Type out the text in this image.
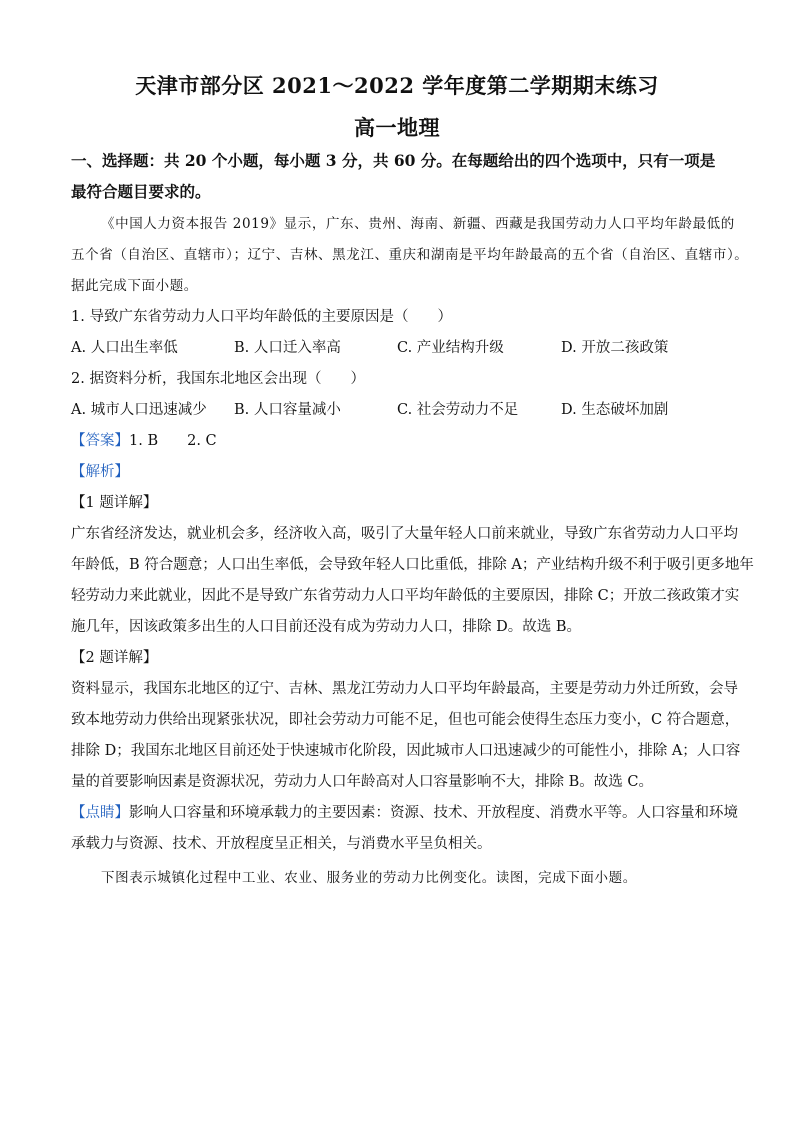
天津市部分区 2021～2022 学年度第二学期期末练习
高一地理
一、选择题：共 20 个小题，每小题 3 分，共 60 分。在每题给出的四个选项中，只有一项是
最符合题目要求的。
《中国人力资本报告 2019》显示，广东、贵州、海南、新疆、西藏是我国劳动力人口平均年龄最低的
五个省（自治区、直辖市）；辽宁、吉林、黑龙江、重庆和湖南是平均年龄最高的五个省（自治区、直辖市）。
据此完成下面小题。
1. 导致广东省劳动力人口平均年龄低的主要原因是（　　）
A. 人口出生率低	B. 人口迁入率高	C. 产业结构升级	D. 开放二孩政策
2. 据资料分析，我国东北地区会出现（　　）
A. 城市人口迅速减少 B. 人口容量减小	C. 社会劳动力不足	D. 生态破坏加剧
【答案】1. B　　2. C
【解析】
【1 题详解】
广东省经济发达，就业机会多，经济收入高，吸引了大量年轻人口前来就业，导致广东省劳动力人口平均
年龄低，B 符合题意；人口出生率低，会导致年轻人口比重低，排除 A；产业结构升级不利于吸引更多地年
轻劳动力来此就业，因此不是导致广东省劳动力人口平均年龄低的主要原因，排除 C；开放二孩政策才实
施几年，因该政策多出生的人口目前还没有成为劳动力人口，排除 D。故选 B。
【2 题详解】
资料显示，我国东北地区的辽宁、吉林、黑龙江劳动力人口平均年龄最高，主要是劳动力外迁所致，会导
致本地劳动力供给出现紧张状况，即社会劳动力可能不足，但也可能会使得生态压力变小，C 符合题意，
排除 D；我国东北地区目前还处于快速城市化阶段，因此城市人口迅速减少的可能性小，排除 A；人口容
量的首要影响因素是资源状况，劳动力人口年龄高对人口容量影响不大，排除 B。故选 C。
【点睛】影响人口容量和环境承载力的主要因素：资源、技术、开放程度、消费水平等。人口容量和环境
承载力与资源、技术、开放程度呈正相关，与消费水平呈负相关。
下图表示城镇化过程中工业、农业、服务业的劳动力比例变化。读图，完成下面小题。
